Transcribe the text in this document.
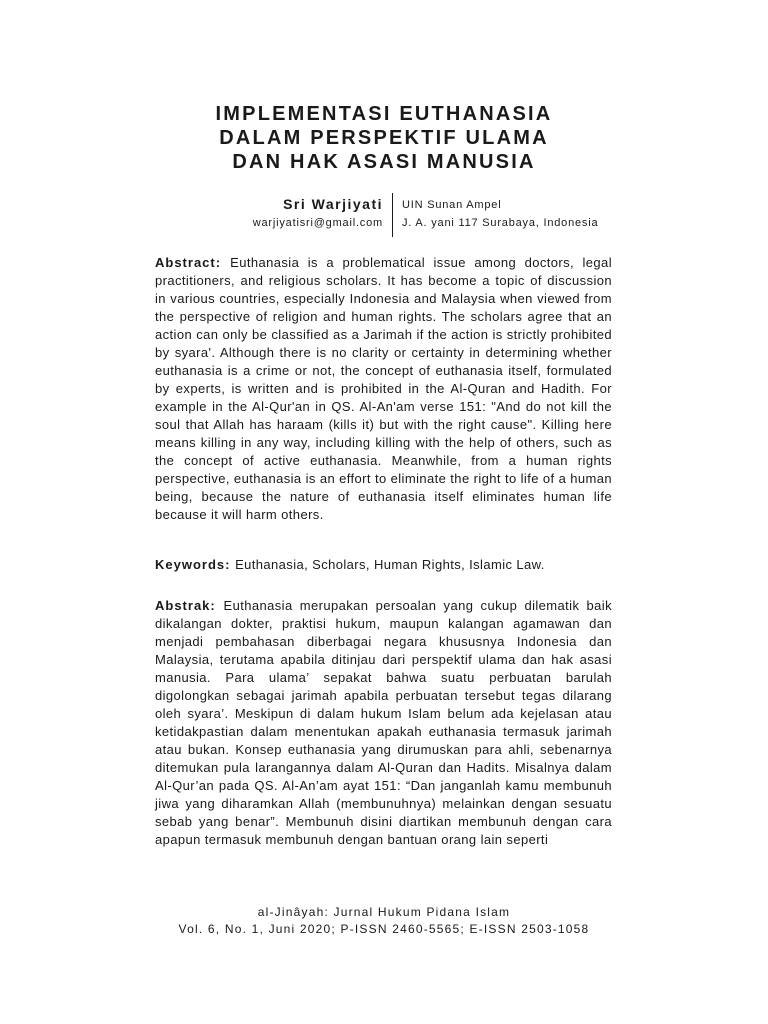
IMPLEMENTASI EUTHANASIA
DALAM PERSPEKTIF ULAMA
DAN HAK ASASI MANUSIA
Sri Warjiyati
warjiyatisri@gmail.com
UIN Sunan Ampel
J. A. yani 117 Surabaya, Indonesia
Abstract: Euthanasia is a problematical issue among doctors, legal practitioners, and religious scholars. It has become a topic of discussion in various countries, especially Indonesia and Malaysia when viewed from the perspective of religion and human rights. The scholars agree that an action can only be classified as a Jarimah if the action is strictly prohibited by syara'. Although there is no clarity or certainty in determining whether euthanasia is a crime or not, the concept of euthanasia itself, formulated by experts, is written and is prohibited in the Al-Quran and Hadith. For example in the Al-Qur'an in QS. Al-An'am verse 151: "And do not kill the soul that Allah has haraam (kills it) but with the right cause". Killing here means killing in any way, including killing with the help of others, such as the concept of active euthanasia. Meanwhile, from a human rights perspective, euthanasia is an effort to eliminate the right to life of a human being, because the nature of euthanasia itself eliminates human life because it will harm others.
Keywords: Euthanasia, Scholars, Human Rights, Islamic Law.
Abstrak: Euthanasia merupakan persoalan yang cukup dilematik baik dikalangan dokter, praktisi hukum, maupun kalangan agamawan dan menjadi pembahasan diberbagai negara khususnya Indonesia dan Malaysia, terutama apabila ditinjau dari perspektif ulama dan hak asasi manusia. Para ulama’ sepakat bahwa suatu perbuatan barulah digolongkan sebagai jarimah apabila perbuatan tersebut tegas dilarang oleh syara’. Meskipun di dalam hukum Islam belum ada kejelasan atau ketidakpastian dalam menentukan apakah euthanasia termasuk jarimah atau bukan. Konsep euthanasia yang dirumuskan para ahli, sebenarnya ditemukan pula larangannya dalam Al-Quran dan Hadits. Misalnya dalam Al-Qur’an pada QS. Al-An’am ayat 151: “Dan janganlah kamu membunuh jiwa yang diharamkan Allah (membunuhnya) melainkan dengan sesuatu sebab yang benar”. Membunuh disini diartikan membunuh dengan cara apapun termasuk membunuh dengan bantuan orang lain seperti
al-Jinâyah: Jurnal Hukum Pidana Islam
Vol. 6, No. 1, Juni 2020; P-ISSN 2460-5565; E-ISSN 2503-1058
